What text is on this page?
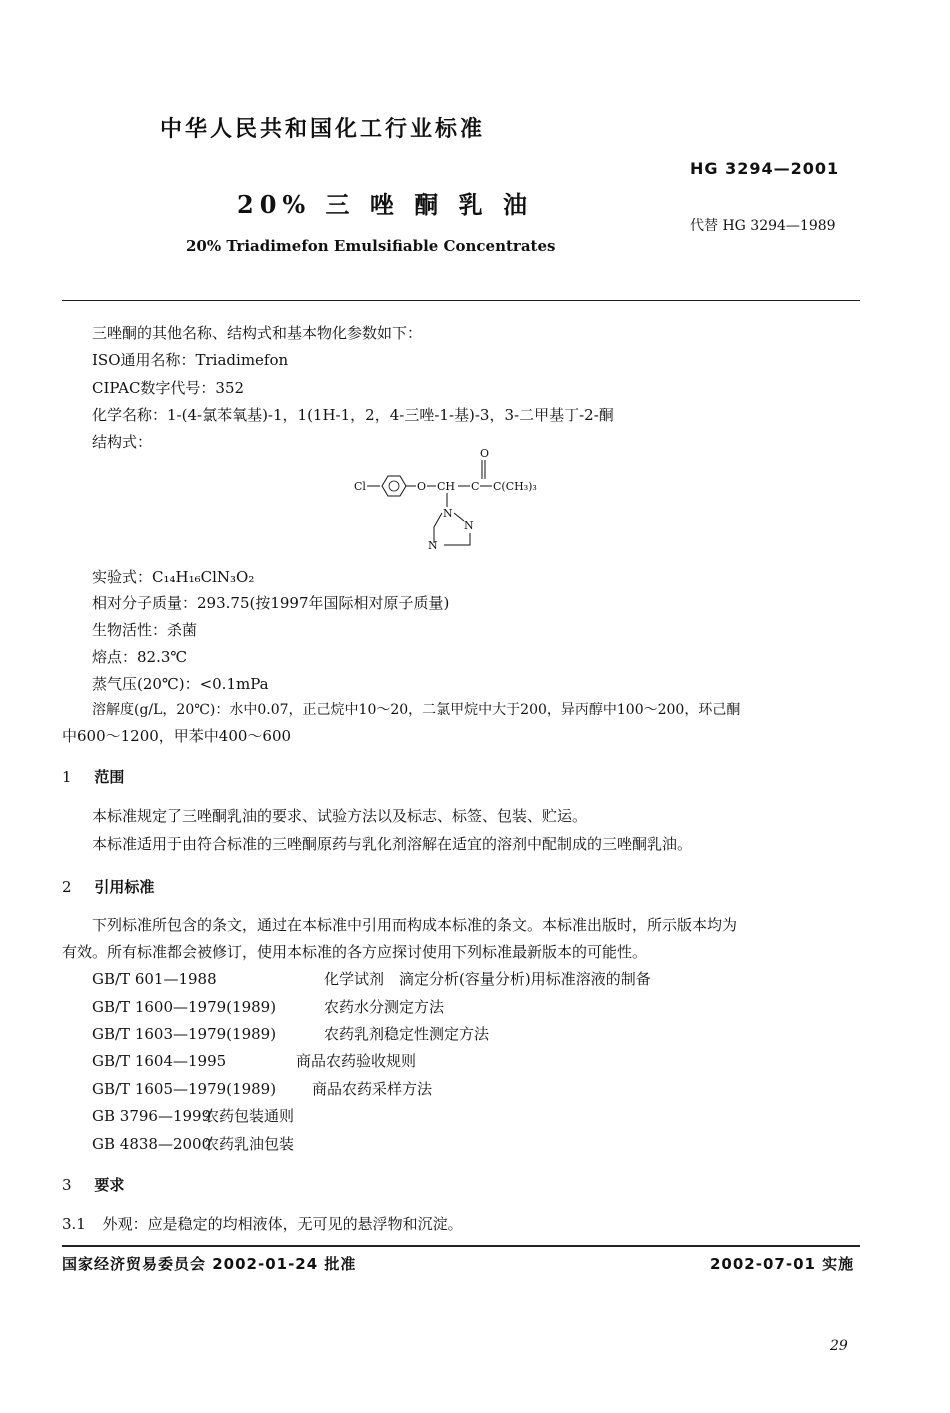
中华人民共和国化工行业标准
HG 3294—2001
20% 三 唑 酮 乳 油
代替 HG 3294—1989
20% Triadimefon Emulsifiable Concentrates
三唑酮的其他名称、结构式和基本物化参数如下：
ISO通用名称：Triadimefon
CIPAC数字代号：352
化学名称：1-(4-氯苯氧基)-1，1(1H-1，2，4-三唑-1-基)-3，3-二甲基丁-2-酮
结构式：
Cl	O CH C
O
C(CH₃)₃
N
N
N
实验式：C₁₄H₁₆ClN₃O₂
相对分子质量：293.75(按1997年国际相对原子质量)
生物活性：杀菌
熔点：82.3℃
蒸气压(20℃)：<0.1mPa
溶解度(g/L，20℃)：水中0.07，正己烷中10～20，二氯甲烷中大于200，异丙醇中100～200，环己酮
中600～1200，甲苯中400～600
1 范围
本标准规定了三唑酮乳油的要求、试验方法以及标志、标签、包装、贮运。
本标准适用于由符合标准的三唑酮原药与乳化剂溶解在适宜的溶剂中配制成的三唑酮乳油。
2 引用标准
下列标准所包含的条文，通过在本标准中引用而构成本标准的条文。本标准出版时，所示版本均为
有效。所有标准都会被修订，使用本标准的各方应探讨使用下列标准最新版本的可能性。
GB/T 601—1988	化学试剂　滴定分析(容量分析)用标准溶液的制备
GB/T 1600—1979(1989)	农药水分测定方法
GB/T 1603—1979(1989)	农药乳剂稳定性测定方法
GB/T 1604—1995	商品农药验收规则
GB/T 1605—1979(1989) 商品农药采样方法
GB 3796—1999农药包装通则
GB 4838—2000农药乳油包装
3 要求
3.1 外观：应是稳定的均相液体，无可见的悬浮物和沉淀。
国家经济贸易委员会 2002-01-24 批准	2002-07-01 实施
29
